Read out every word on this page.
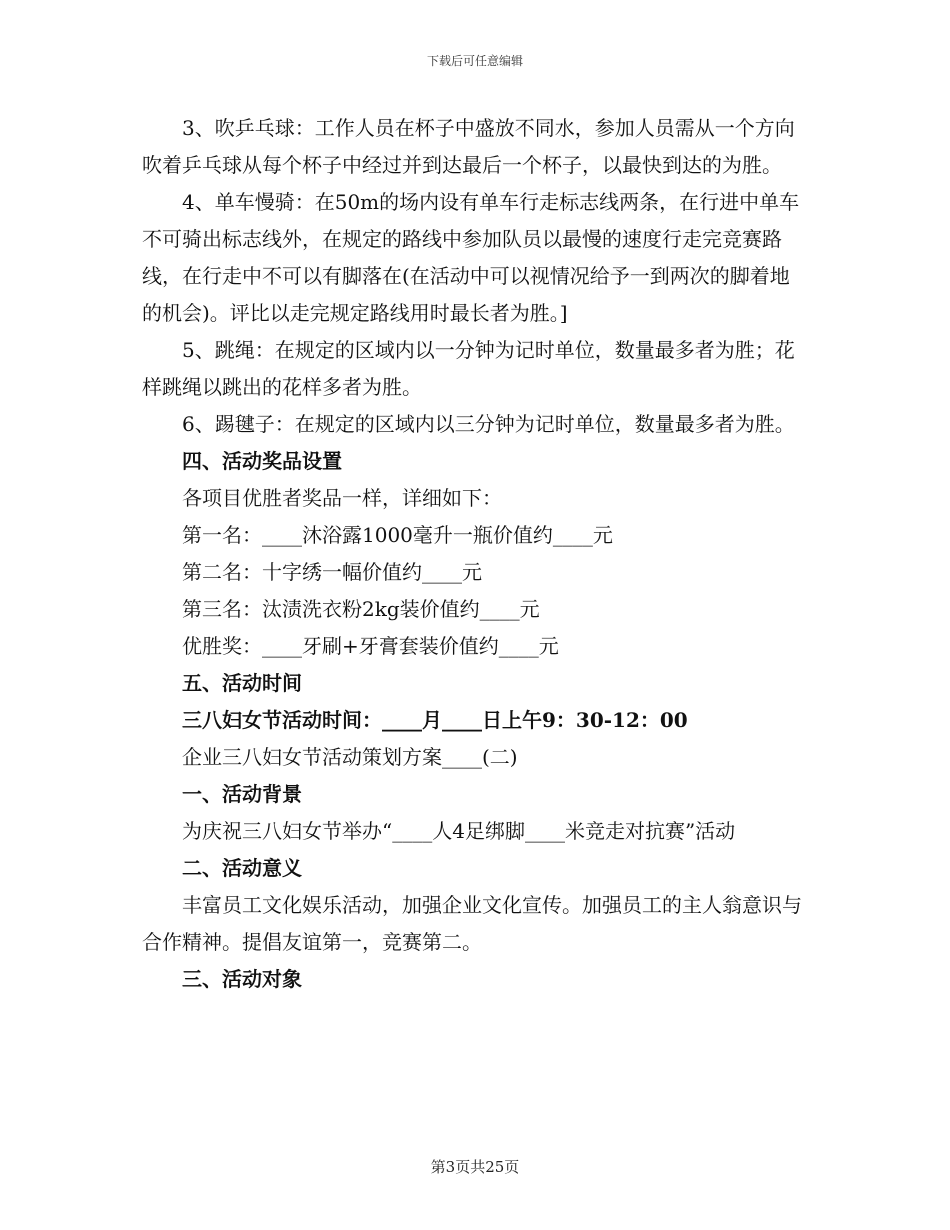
下载后可任意编辑

3、吹乒乓球：工作人员在杯子中盛放不同水，参加人员需从一个方向吹着乒乓球从每个杯子中经过并到达最后一个杯子，以最快到达的为胜。

4、单车慢骑：在50m的场内设有单车行走标志线两条，在行进中单车不可骑出标志线外，在规定的路线中参加队员以最慢的速度行走完竞赛路线，在行走中不可以有脚落在(在活动中可以视情况给予一到两次的脚着地的机会)。评比以走完规定路线用时最长者为胜。]

5、跳绳：在规定的区域内以一分钟为记时单位，数量最多者为胜；花样跳绳以跳出的花样多者为胜。

6、踢毽子：在规定的区域内以三分钟为记时单位，数量最多者为胜。

四、活动奖品设置

各项目优胜者奖品一样，详细如下：

第一名：____沐浴露1000毫升一瓶价值约____元

第二名：十字绣一幅价值约____元

第三名：汰渍洗衣粉2kg装价值约____元

优胜奖：____牙刷+牙膏套装价值约____元

五、活动时间

三八妇女节活动时间：____月____日上午9：30-12：00

企业三八妇女节活动策划方案____(二)

一、活动背景

为庆祝三八妇女节举办“____人4足绑脚____米竞走对抗赛”活动

二、活动意义

丰富员工文化娱乐活动，加强企业文化宣传。加强员工的主人翁意识与合作精神。提倡友谊第一，竞赛第二。

三、活动对象

第3页共25页
